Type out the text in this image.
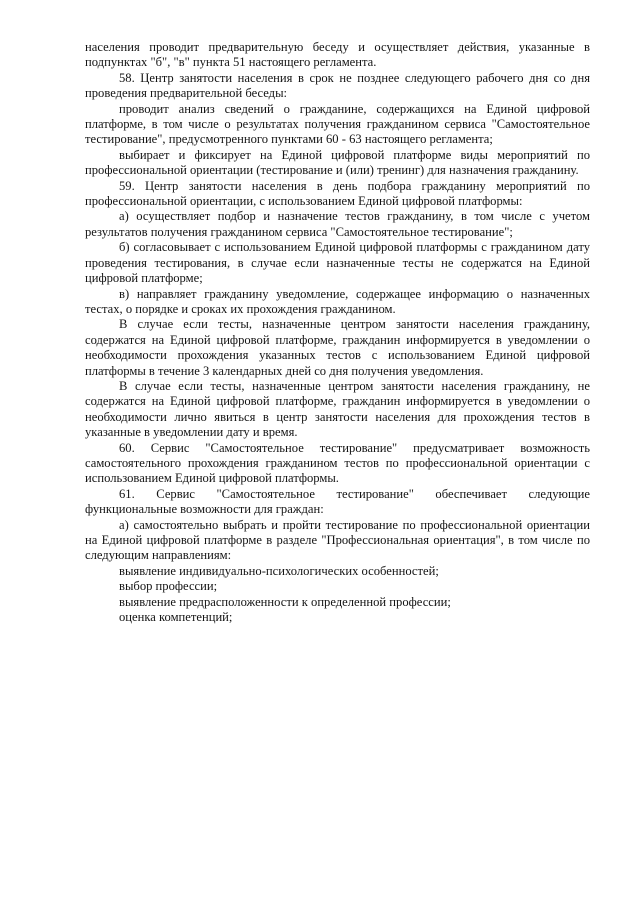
населения проводит предварительную беседу и осуществляет действия, указанные в подпунктах "б", "в" пункта 51 настоящего регламента.

58. Центр занятости населения в срок не позднее следующего рабочего дня со дня проведения предварительной беседы:

проводит анализ сведений о гражданине, содержащихся на Единой цифровой платформе, в том числе о результатах получения гражданином сервиса "Самостоятельное тестирование", предусмотренного пунктами 60 - 63 настоящего регламента;

выбирает и фиксирует на Единой цифровой платформе виды мероприятий по профессиональной ориентации (тестирование и (или) тренинг) для назначения гражданину.

59. Центр занятости населения в день подбора гражданину мероприятий по профессиональной ориентации, с использованием Единой цифровой платформы:

а) осуществляет подбор и назначение тестов гражданину, в том числе с учетом результатов получения гражданином сервиса "Самостоятельное тестирование";

б) согласовывает с использованием Единой цифровой платформы с гражданином дату проведения тестирования, в случае если назначенные тесты не содержатся на Единой цифровой платформе;

в) направляет гражданину уведомление, содержащее информацию о назначенных тестах, о порядке и сроках их прохождения гражданином.

В случае если тесты, назначенные центром занятости населения гражданину, содержатся на Единой цифровой платформе, гражданин информируется в уведомлении о необходимости прохождения указанных тестов с использованием Единой цифровой платформы в течение 3 календарных дней со дня получения уведомления.

В случае если тесты, назначенные центром занятости населения гражданину, не содержатся на Единой цифровой платформе, гражданин информируется в уведомлении о необходимости лично явиться в центр занятости населения для прохождения тестов в указанные в уведомлении дату и время.

60. Сервис "Самостоятельное тестирование" предусматривает возможность самостоятельного прохождения гражданином тестов по профессиональной ориентации с использованием Единой цифровой платформы.

61. Сервис "Самостоятельное тестирование" обеспечивает следующие функциональные возможности для граждан:

а) самостоятельно выбрать и пройти тестирование по профессиональной ориентации на Единой цифровой платформе в разделе "Профессиональная ориентация", в том числе по следующим направлениям:

выявление индивидуально-психологических особенностей;

выбор профессии;

выявление предрасположенности к определенной профессии;

оценка компетенций;
